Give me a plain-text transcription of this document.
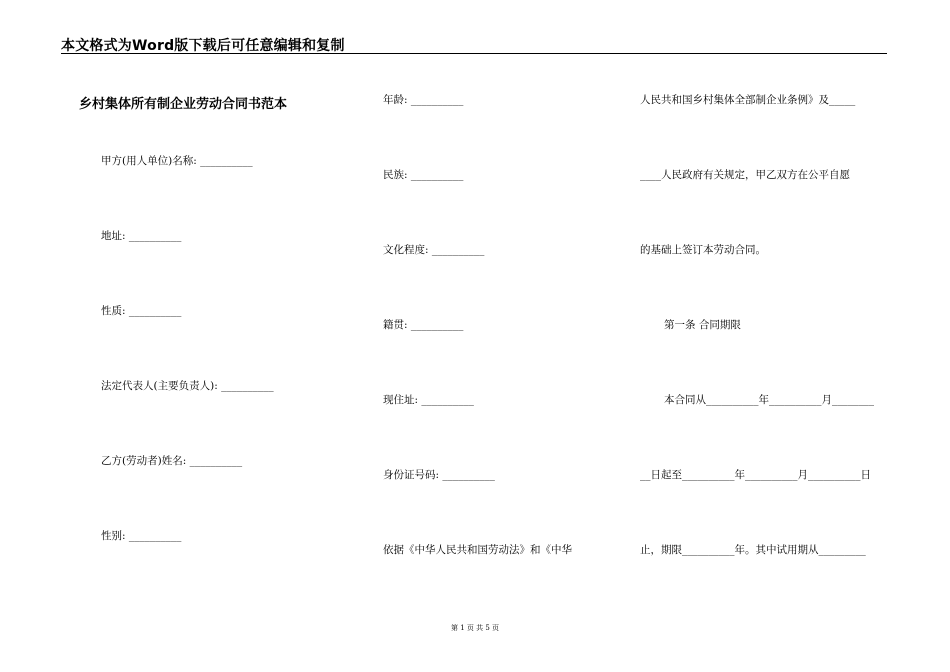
本文格式为Word版下载后可任意编辑和复制
乡村集体所有制企业劳动合同书范本
甲方(用人单位)名称: __________
地址: __________
性质: __________
法定代表人(主要负责人): __________
乙方(劳动者)姓名: __________
性别: __________
年龄: __________
民族: __________
文化程度: __________
籍贯: __________
现住址: __________
身份证号码: __________
依据《中华人民共和国劳动法》和《中华
人民共和国乡村集体全部制企业条例》及_____
____人民政府有关规定，甲乙双方在公平自愿
的基础上签订本劳动合同。
第一条 合同期限
本合同从__________年__________月________
__日起至__________年__________月__________日
止，期限__________年。其中试用期从_________
第 1 页 共 5 页
